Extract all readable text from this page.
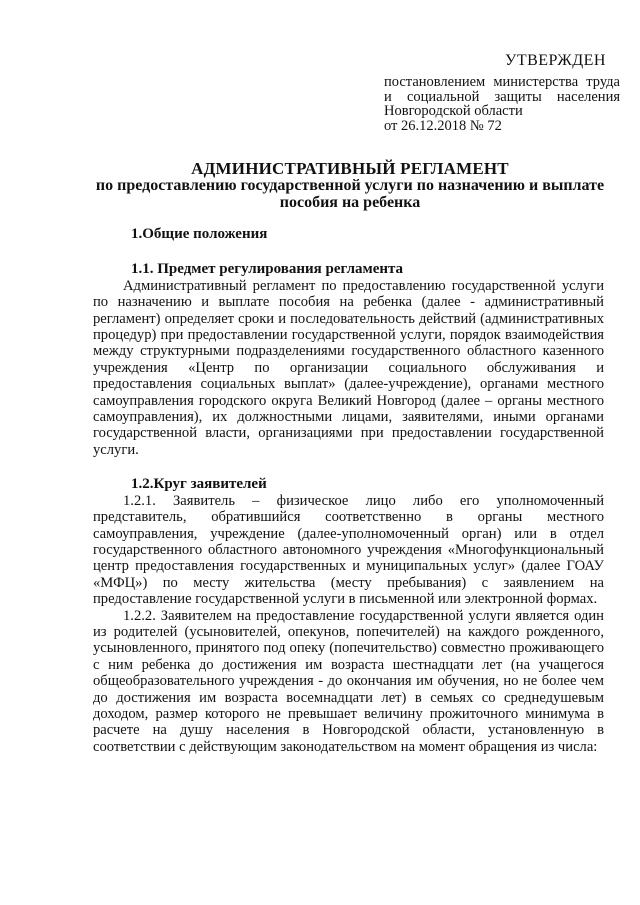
УТВЕРЖДЕН
постановлением министерства труда
и социальной защиты населения
Новгородской области
от 26.12.2018 № 72
АДМИНИСТРАТИВНЫЙ РЕГЛАМЕНТ
по предоставлению государственной услуги по назначению и выплате пособия на ребенка
1.Общие положения
1.1. Предмет регулирования регламента

Административный регламент по предоставлению государственной услуги по назначению и выплате пособия на ребенка (далее - административный регламент) определяет сроки и последовательность действий (административных процедур) при предоставлении государственной услуги, порядок взаимодействия между структурными подразделениями государственного областного казенного учреждения «Центр по организации социального обслуживания и предоставления социальных выплат» (далее-учреждение), органами местного самоуправления городского округа Великий Новгород (далее – органы местного самоуправления), их должностными лицами, заявителями, иными органами государственной власти, организациями при предоставлении государственной услуги.

1.2.Круг заявителей

1.2.1. Заявитель – физическое лицо либо его уполномоченный представитель, обратившийся соответственно в органы местного самоуправления, учреждение (далее-уполномоченный орган) или в отдел государственного областного автономного учреждения «Многофункциональный центр предоставления государственных и муниципальных услуг» (далее ГОАУ «МФЦ») по месту жительства (месту пребывания) с заявлением на предоставление государственной услуги в письменной или электронной формах.

1.2.2. Заявителем на предоставление государственной услуги является один из родителей (усыновителей, опекунов, попечителей) на каждого рожденного, усыновленного, принятого под опеку (попечительство) совместно проживающего с ним ребенка до достижения им возраста шестнадцати лет (на учащегося общеобразовательного учреждения - до окончания им обучения, но не более чем до достижения им возраста восемнадцати лет) в семьях со среднедушевым доходом, размер которого не превышает величину прожиточного минимума в расчете на душу населения в Новгородской области, установленную в соответствии с действующим законодательством на момент обращения из числа:
